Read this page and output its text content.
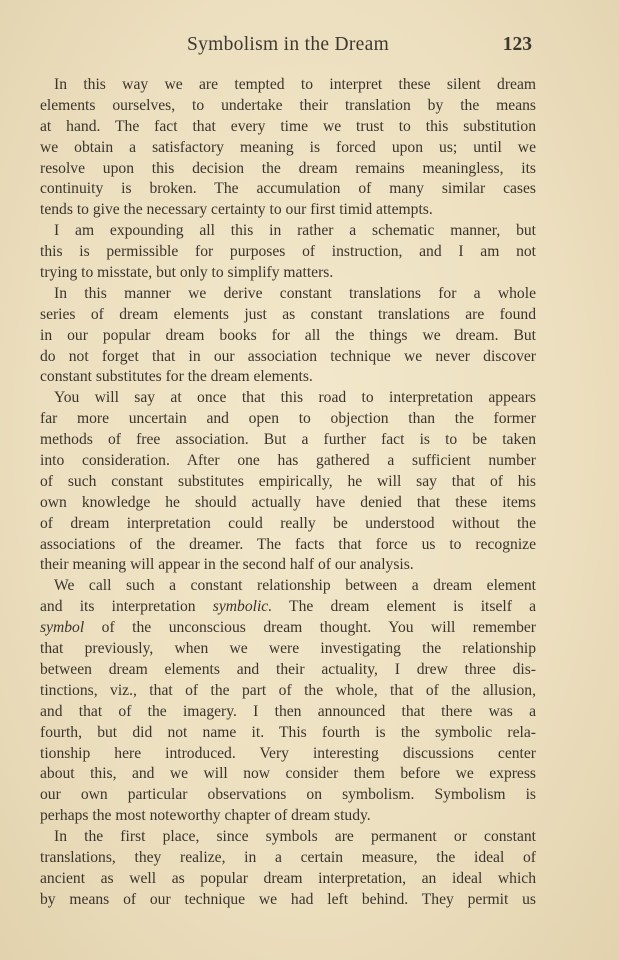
Symbolism in the Dream	123
In this way we are tempted to interpret these silent dream
elements ourselves, to undertake their translation by the means
at hand. The fact that every time we trust to this substitution
we obtain a satisfactory meaning is forced upon us; until we
resolve upon this decision the dream remains meaningless, its
continuity is broken. The accumulation of many similar cases
tends to give the necessary certainty to our first timid attempts.
I am expounding all this in rather a schematic manner, but
this is permissible for purposes of instruction, and I am not
trying to misstate, but only to simplify matters.
In this manner we derive constant translations for a whole
series of dream elements just as constant translations are found
in our popular dream books for all the things we dream. But
do not forget that in our association technique we never discover
constant substitutes for the dream elements.
You will say at once that this road to interpretation appears
far more uncertain and open to objection than the former
methods of free association. But a further fact is to be taken
into consideration. After one has gathered a sufficient number
of such constant substitutes empirically, he will say that of his
own knowledge he should actually have denied that these items
of dream interpretation could really be understood without the
associations of the dreamer. The facts that force us to recognize
their meaning will appear in the second half of our analysis.
We call such a constant relationship between a dream element
and its interpretation symbolic. The dream element is itself a
symbol of the unconscious dream thought. You will remember
that previously, when we were investigating the relationship
between dream elements and their actuality, I drew three dis-
tinctions, viz., that of the part of the whole, that of the allusion,
and that of the imagery. I then announced that there was a
fourth, but did not name it. This fourth is the symbolic rela-
tionship here introduced. Very interesting discussions center
about this, and we will now consider them before we express
our own particular observations on symbolism. Symbolism is
perhaps the most noteworthy chapter of dream study.
In the first place, since symbols are permanent or constant
translations, they realize, in a certain measure, the ideal of
ancient as well as popular dream interpretation, an ideal which
by means of our technique we had left behind. They permit us
